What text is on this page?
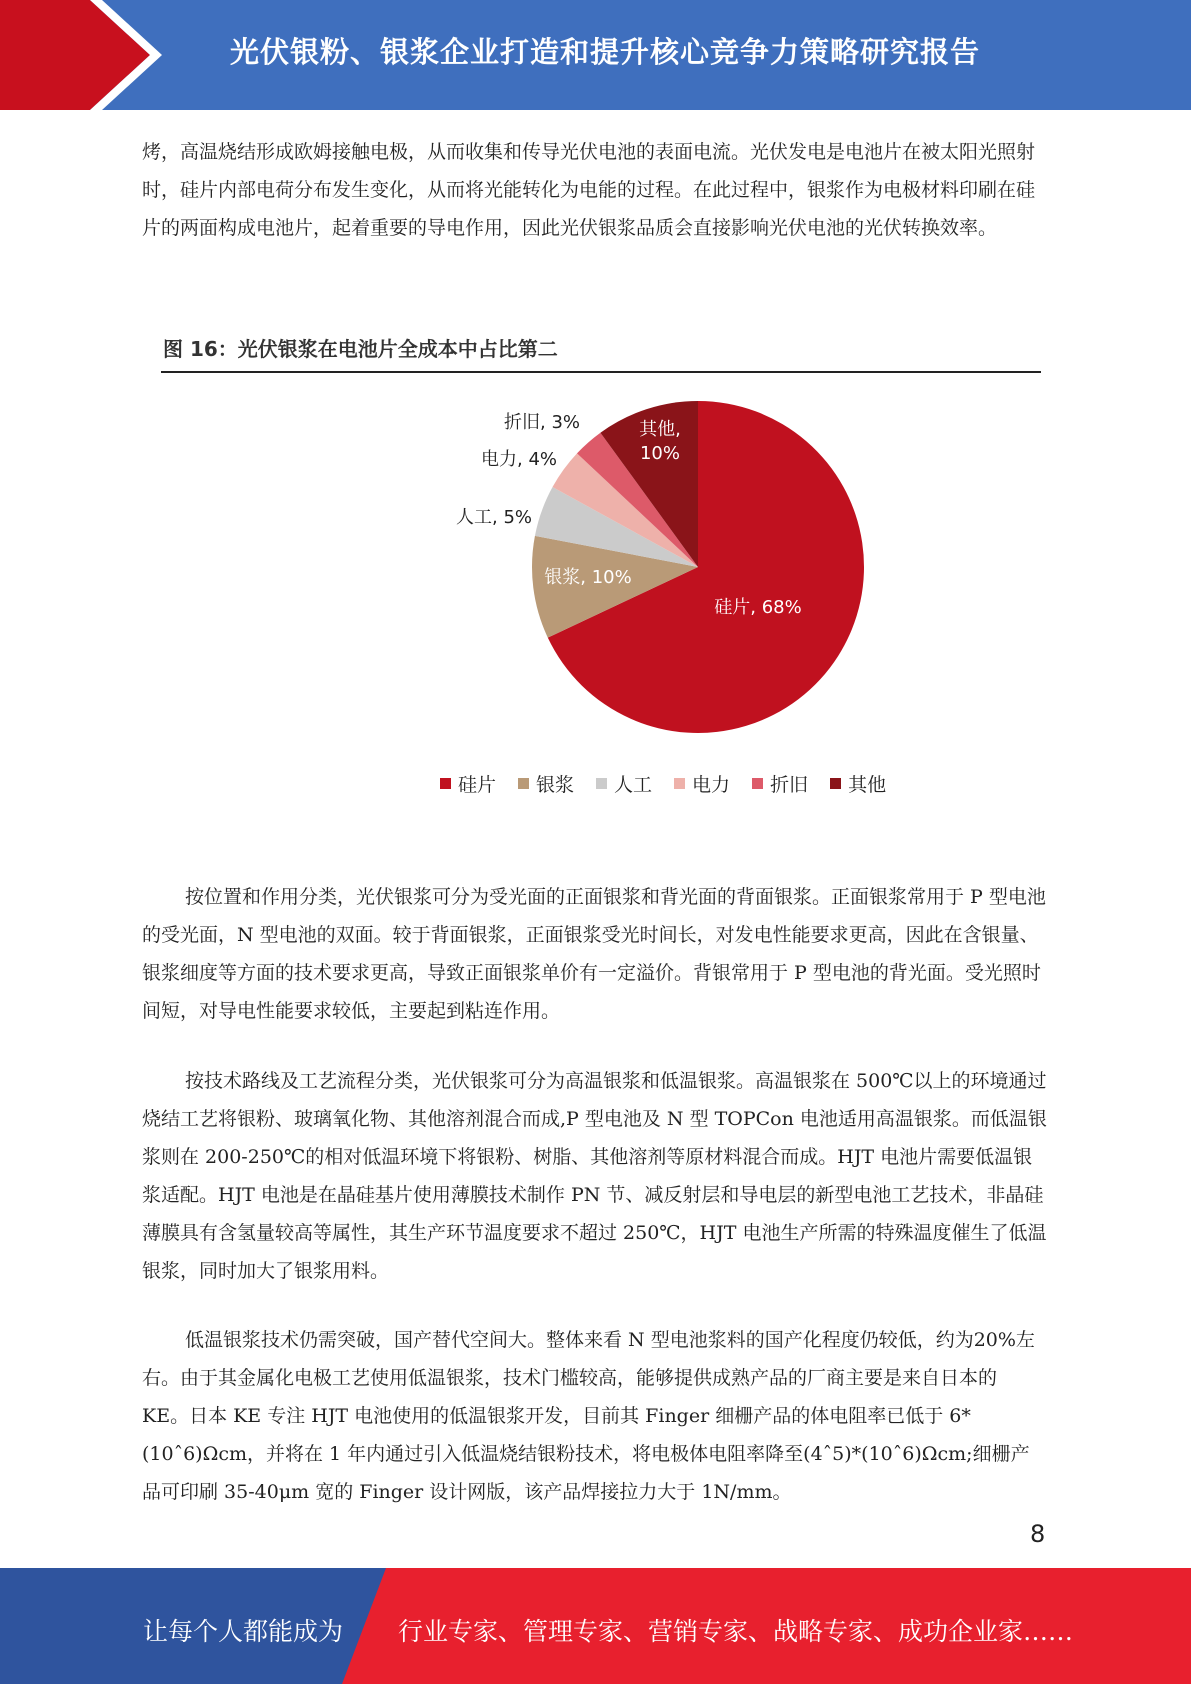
光伏银粉、银浆企业打造和提升核心竞争力策略研究报告

烤，高温烧结形成欧姆接触电极，从而收集和传导光伏电池的表面电流。光伏发电是电池片在被太阳光照射时，硅片内部电荷分布发生变化，从而将光能转化为电能的过程。在此过程中，银浆作为电极材料印刷在硅片的两面构成电池片，起着重要的导电作用，因此光伏银浆品质会直接影响光伏电池的光伏转换效率。

图 16：光伏银浆在电池片全成本中占比第二
硅片, 68%
银浆, 10%
人工, 5%
电力, 4%
折旧, 3%	其他, 10%
硅片 银浆 人工 电力 折旧 其他

按位置和作用分类，光伏银浆可分为受光面的正面银浆和背光面的背面银浆。正面银浆常用于 P 型电池的受光面，N 型电池的双面。较于背面银浆，正面银浆受光时间长，对发电性能要求更高，因此在含银量、银浆细度等方面的技术要求更高，导致正面银浆单价有一定溢价。背银常用于 P 型电池的背光面。受光照时间短，对导电性能要求较低，主要起到粘连作用。

按技术路线及工艺流程分类，光伏银浆可分为高温银浆和低温银浆。高温银浆在 500℃以上的环境通过烧结工艺将银粉、玻璃氧化物、其他溶剂混合而成,P 型电池及 N 型 TOPCon 电池适用高温银浆。而低温银浆则在 200-250℃的相对低温环境下将银粉、树脂、其他溶剂等原材料混合而成。HJT 电池片需要低温银浆适配。HJT 电池是在晶硅基片使用薄膜技术制作 PN 节、减反射层和导电层的新型电池工艺技术，非晶硅薄膜具有含氢量较高等属性，其生产环节温度要求不超过 250℃，HJT 电池生产所需的特殊温度催生了低温银浆，同时加大了银浆用料。

低温银浆技术仍需突破，国产替代空间大。整体来看 N 型电池浆料的国产化程度仍较低，约为20%左右。由于其金属化电极工艺使用低温银浆，技术门槛较高，能够提供成熟产品的厂商主要是来自日本的 KE。日本 KE 专注 HJT 电池使用的低温银浆开发，目前其 Finger 细栅产品的体电阻率已低于 6*(10ˆ6)Ωcm，并将在 1 年内通过引入低温烧结银粉技术，将电极体电阻率降至(4ˆ5)*(10ˆ6)Ωcm;细栅产品可印刷 35-40μm 宽的 Finger 设计网版，该产品焊接拉力大于 1N/mm。

8
让每个人都能成为 行业专家、管理专家、营销专家、战略专家、成功企业家……
